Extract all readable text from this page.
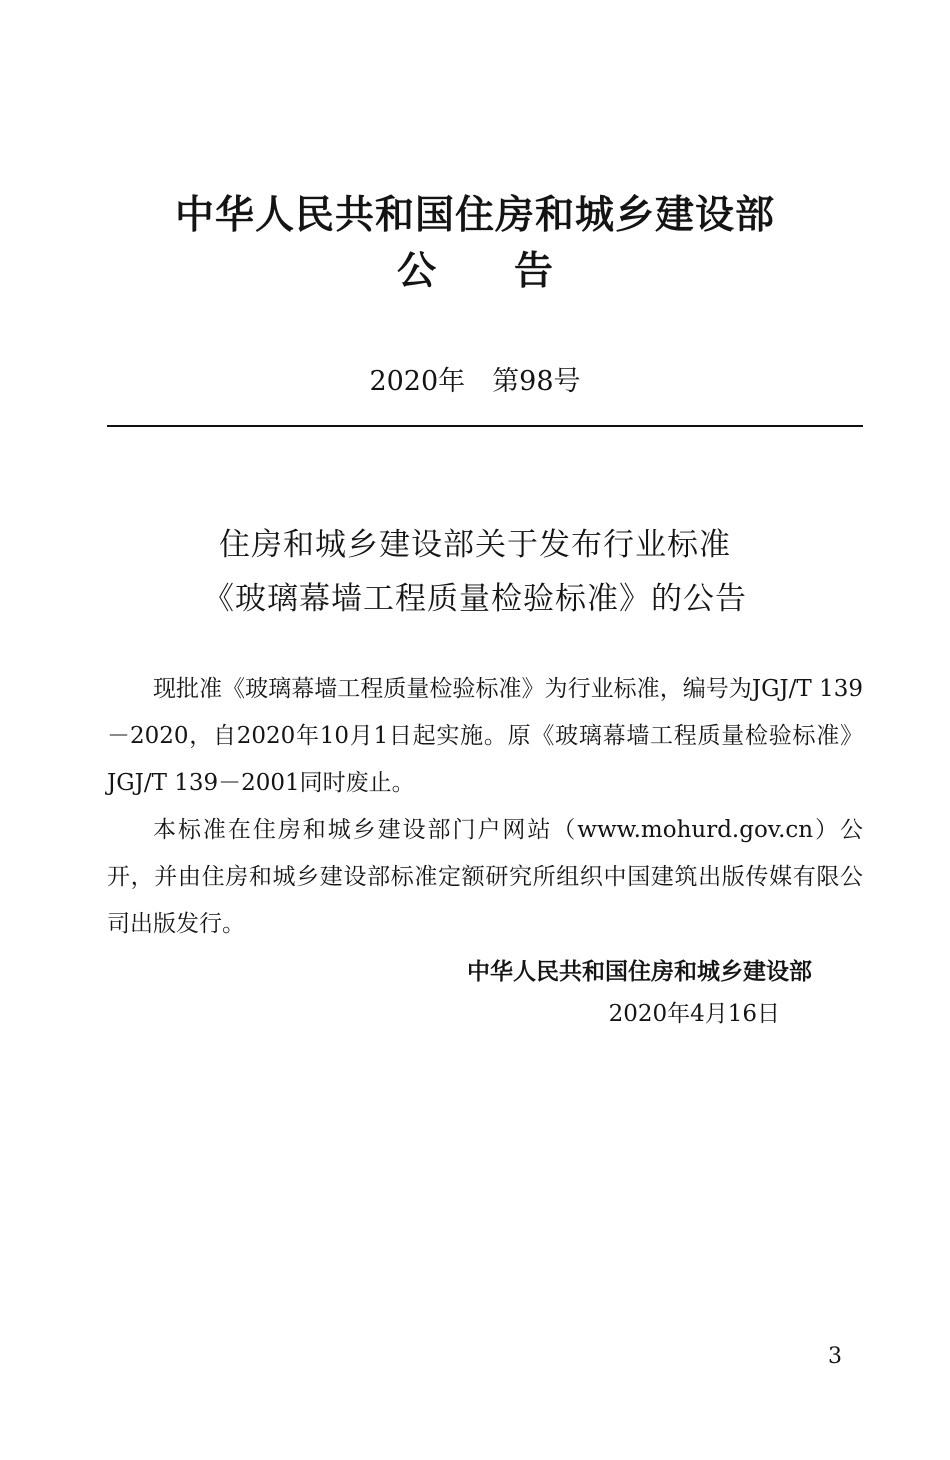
中华人民共和国住房和城乡建设部
公告
2020年　第98号
住房和城乡建设部关于发布行业标准
《玻璃幕墙工程质量检验标准》的公告

现批准《玻璃幕墙工程质量检验标准》为行业标准，编号为JGJ/T 139－2020，自2020年10月1日起实施。原《玻璃幕墙工程质量检验标准》JGJ/T 139－2001同时废止。

本标准在住房和城乡建设部门户网站（www.mohurd.gov.cn）公开，并由住房和城乡建设部标准定额研究所组织中国建筑出版传媒有限公司出版发行。

中华人民共和国住房和城乡建设部
2020年4月16日
3
